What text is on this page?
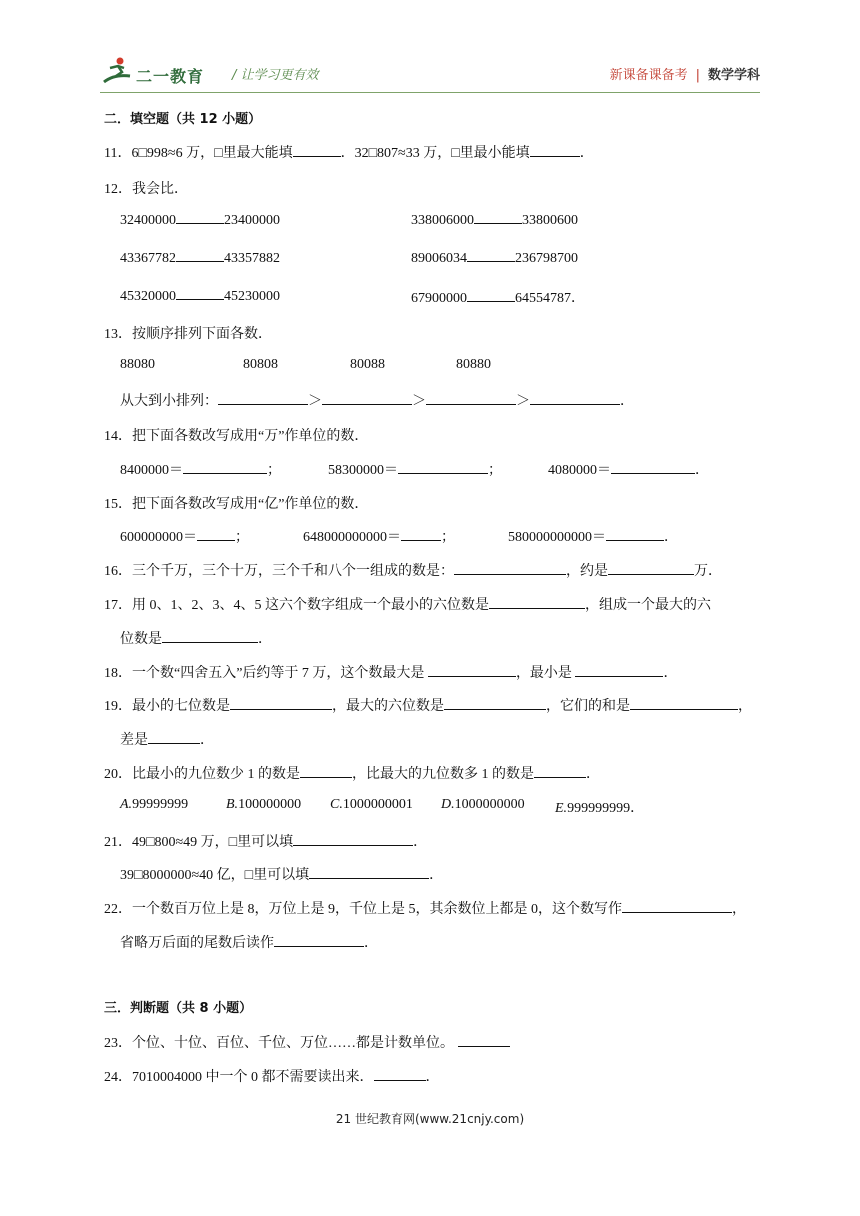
二一教育 / 让学习更有效	新课备课备考 | 数学学科
二．填空题（共 12 小题）
11．6□998≈6 万，□里最大能填	．32□807≈33 万，□里最小能填	．
12．我会比．
32400000	23400000	338006000	33800600
43367782	43357882	89006034	236798700
45320000	45230000	67900000	64554787．
13．按顺序排列下面各数．
88080	80808	80088	80880
从大到小排列：	＞	＞	＞	．
14．把下面各数改写成用“万”作单位的数．
8400000＝	；	58300000＝	；	4080000＝	．
15．把下面各数改写成用“亿”作单位的数．
600000000＝	；	648000000000＝	；	580000000000＝	．
16．三个千万，三个十万，三个千和八个一组成的数是：	，约是	万．
17．用 0、1、2、3、4、5 这六个数字组成一个最小的六位数是	，组成一个最大的六
位数是	．
18．一个数“四舍五入”后约等于 7 万，这个数最大是	，最小是	．
19．最小的七位数是	，最大的六位数是	，它们的和是	，
差是	．
20．比最小的九位数少 1 的数是	，比最大的九位数多 1 的数是	．
A.99999999	B.100000000 C.1000000001 D.1000000000 E.999999999．
21．49□800≈49 万，□里可以填	．
39□8000000≈40 亿，□里可以填	．
22．一个数百万位上是 8，万位上是 9，千位上是 5，其余数位上都是 0，这个数写作	，
省略万后面的尾数后读作	．
三．判断题（共 8 小题）
23．个位、十位、百位、千位、万位……都是计数单位。
24．7010004000 中一个 0 都不需要读出来．	．
21 世纪教育网(www.21cnjy.com)
